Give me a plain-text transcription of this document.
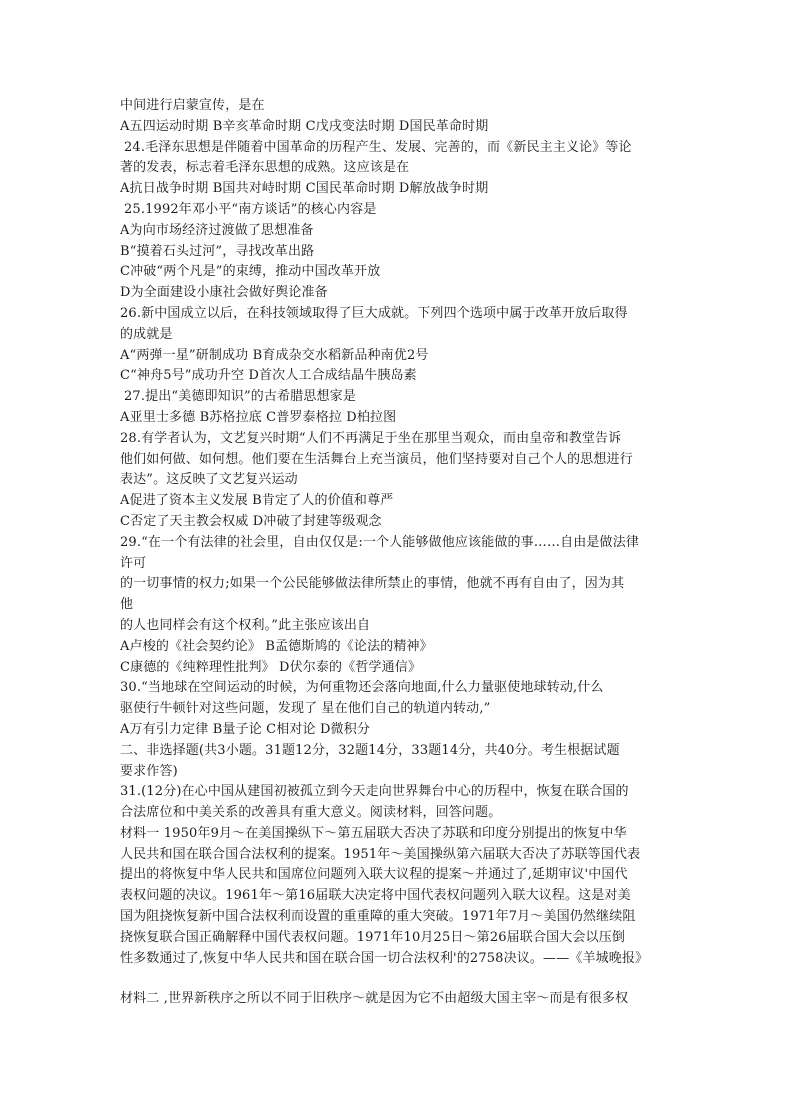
中间进行启蒙宣传，是在
A五四运动时期 B辛亥革命时期 C戊戌变法时期 D国民革命时期
24.毛泽东思想是伴随着中国革命的历程产生、发展、完善的，而《新民主主义论》等论
著的发表，标志着毛泽东思想的成熟。这应该是在
A抗日战争时期 B国共对峙时期 C国民革命时期 D解放战争时期
25.1992年邓小平“南方谈话”的核心内容是
A为向市场经济过渡做了思想准备
B“摸着石头过河”，寻找改革出路
C冲破“两个凡是”的束缚，推动中国改革开放
D为全面建设小康社会做好舆论准备
26.新中国成立以后，在科技领域取得了巨大成就。下列四个选项中属于改革开放后取得
的成就是
A“两弹一星”研制成功 B育成杂交水稻新品种南优2号
C“神舟5号”成功升空 D首次人工合成结晶牛胰岛素
27.提出“美德即知识”的古希腊思想家是
A亚里士多德 B苏格拉底 C普罗泰格拉 D柏拉图
28.有学者认为，文艺复兴时期“人们不再满足于坐在那里当观众，而由皇帝和教堂告诉
他们如何做、如何想。他们要在生活舞台上充当演员，他们坚持要对自己个人的思想进行
表达”。这反映了文艺复兴运动
A促进了资本主义发展 B肯定了人的价值和尊严
C否定了天主教会权威 D冲破了封建等级观念
29.“在一个有法律的社会里，自由仅仅是:一个人能够做他应该能做的事……自由是做法律
许可
的一切事情的权力;如果一个公民能够做法律所禁止的事情，他就不再有自由了，因为其
他
的人也同样会有这个权利。”此主张应该出自
A卢梭的《社会契约论》 B孟德斯鸠的《论法的精神》
C康德的《纯粹理性批判》 D伏尔泰的《哲学通信》
30.“当地球在空间运动的时候，为何重物还会落向地面,什么力量驱使地球转动,什么
驱使行牛顿针对这些问题，发现了 星在他们自己的轨道内转动,”
A万有引力定律 B量子论 C相对论 D微积分
二、非选择题(共3小题。31题12分，32题14分，33题14分，共40分。考生根据试题
要求作答)
31.(12分)在心中国从建国初被孤立到今天走向世界舞台中心的历程中，恢复在联合国的
合法席位和中美关系的改善具有重大意义。阅读材料，回答问题。
材料一 1950年9月～在美国操纵下～第五届联大否决了苏联和印度分别提出的恢复中华
人民共和国在联合国合法权利的提案。1951年～美国操纵第六届联大否决了苏联等国代表
提出的将恢复中华人民共和国席位问题列入联大议程的提案～并通过了,延期审议'中国代
表权问题的决议。1961年～第16届联大决定将中国代表权问题列入联大议程。这是对美
国为阻挠恢复新中国合法权利而设置的重重障的重大突破。1971年7月～美国仍然继续阻
挠恢复联合国正确解释中国代表权问题。1971年10月25日～第26届联合国大会以压倒
性多数通过了,恢复中华人民共和国在联合国一切合法权利'的2758决议。——《羊城晚报》
材料二 ,世界新秩序之所以不同于旧秩序～就是因为它不由超级大国主宰～而是有很多权
